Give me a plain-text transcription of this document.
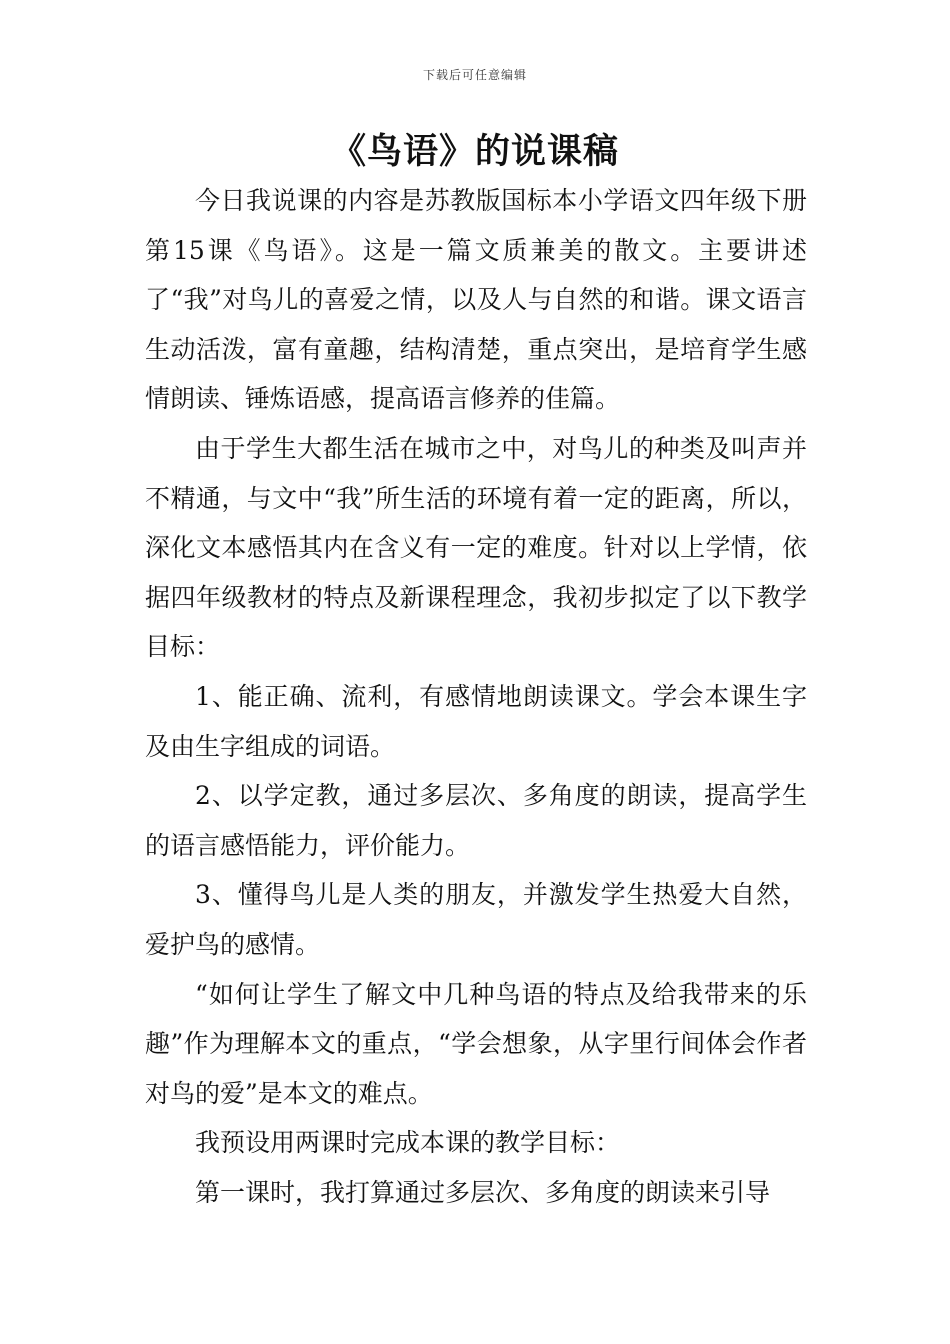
下载后可任意编辑
《鸟语》的说课稿

今日我说课的内容是苏教版国标本小学语文四年级下册第15课《鸟语》。这是一篇文质兼美的散文。主要讲述了“我”对鸟儿的喜爱之情，以及人与自然的和谐。课文语言生动活泼，富有童趣，结构清楚，重点突出，是培育学生感情朗读、锤炼语感，提高语言修养的佳篇。

由于学生大都生活在城市之中，对鸟儿的种类及叫声并不精通，与文中“我”所生活的环境有着一定的距离，所以，深化文本感悟其内在含义有一定的难度。针对以上学情，依据四年级教材的特点及新课程理念，我初步拟定了以下教学目标：

1、能正确、流利，有感情地朗读课文。学会本课生字及由生字组成的词语。

2、以学定教，通过多层次、多角度的朗读，提高学生的语言感悟能力，评价能力。

3、懂得鸟儿是人类的朋友，并激发学生热爱大自然，爱护鸟的感情。

“如何让学生了解文中几种鸟语的特点及给我带来的乐趣”作为理解本文的重点，“学会想象，从字里行间体会作者对鸟的爱”是本文的难点。

我预设用两课时完成本课的教学目标：

第一课时，我打算通过多层次、多角度的朗读来引导
